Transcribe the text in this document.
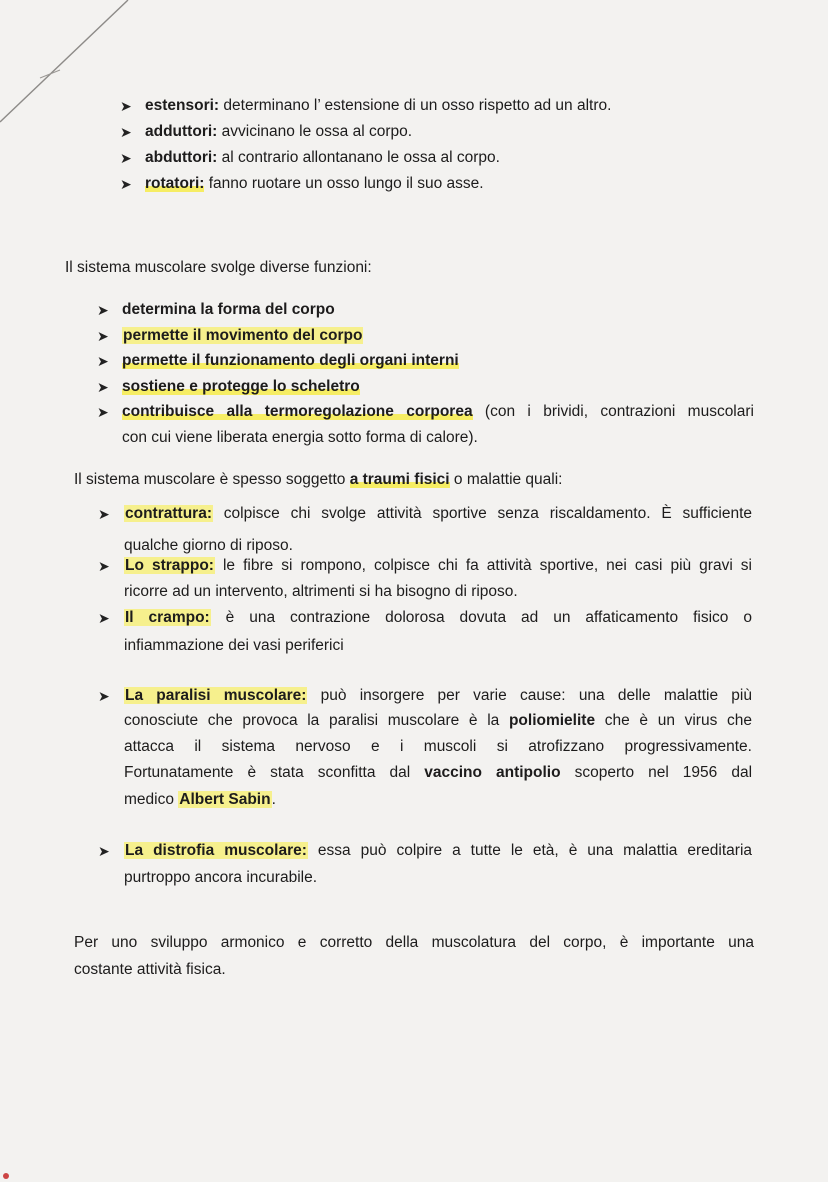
➤ estensori: determinano l’ estensione di un osso rispetto ad un altro.
➤ adduttori: avvicinano le ossa al corpo.
➤ abduttori: al contrario allontanano le ossa al corpo.
➤ rotatori: fanno ruotare un osso lungo il suo asse.
Il sistema muscolare svolge diverse funzioni:
➤ determina la forma del corpo
➤ permette il movimento del corpo
➤ permette il funzionamento degli organi interni
➤ sostiene e protegge lo scheletro
➤ contribuisce alla termoregolazione corporea (con i brividi, contrazioni muscolari
con cui viene liberata energia sotto forma di calore).
Il sistema muscolare è spesso soggetto a traumi fisici o malattie quali:
➤ contrattura: colpisce chi svolge attività sportive senza riscaldamento. È sufficiente
qualche giorno di riposo.
➤ Lo strappo: le fibre si rompono, colpisce chi fa attività sportive, nei casi più gravi si
ricorre ad un intervento, altrimenti si ha bisogno di riposo.
➤ Il crampo: è una contrazione dolorosa dovuta ad un affaticamento fisico o
infiammazione dei vasi periferici
➤ La paralisi muscolare: può insorgere per varie cause: una delle malattie più
conosciute che provoca la paralisi muscolare è la poliomielite che è un virus che
attacca il sistema nervoso e i muscoli si atrofizzano progressivamente.
Fortunatamente è stata sconfitta dal vaccino antipolio scoperto nel 1956 dal
medico Albert Sabin.
➤ La distrofia muscolare: essa può colpire a tutte le età, è una malattia ereditaria
purtroppo ancora incurabile.
Per uno sviluppo armonico e corretto della muscolatura del corpo, è importante una
costante attività fisica.
